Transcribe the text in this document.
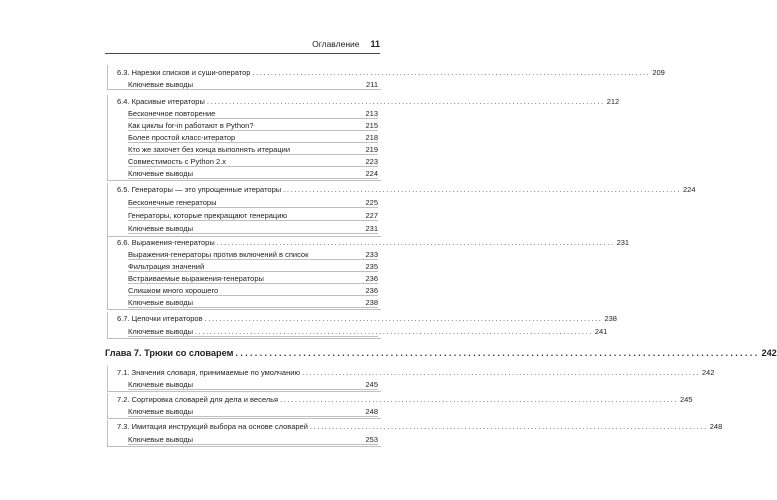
Оглавление 11
6.3. Нарезки списков и суши-оператор ............................................................................................................ 209
Ключевые выводы	211
6.4. Красивые итераторы ............................................................................................................ 212
Бесконечное повторение	213
Как циклы for-in работают в Python?	215
Более простой класс-итератор	218
Кто же захочет без конца выполнять итерации	219
Совместимость с Python 2.x	223
Ключевые выводы	224
6.5. Генераторы — это упрощенные итераторы ............................................................................................................ 224
Бесконечные генераторы	225
Генераторы, которые прекращают генерацию	227
Ключевые выводы	231
6.6. Выражения-генераторы ............................................................................................................ 231
Выражения-генераторы против включений в список	233
Фильтрация значений	235
Встраиваемые выражения-генераторы	236
Слишком много хорошего	236
Ключевые выводы	238
6.7. Цепочки итераторов ............................................................................................................ 238
Ключевые выводы ............................................................................................................ 241
Глава 7. Трюки со словарем ............................................................................................................ 242
7.1. Значения словаря, принимаемые по умолчанию ............................................................................................................ 242
Ключевые выводы	245
7.2. Сортировка словарей для дела и веселья ............................................................................................................ 245
Ключевые выводы	248
7.3. Имитация инструкций выбора на основе словарей ............................................................................................................ 248
Ключевые выводы	253
